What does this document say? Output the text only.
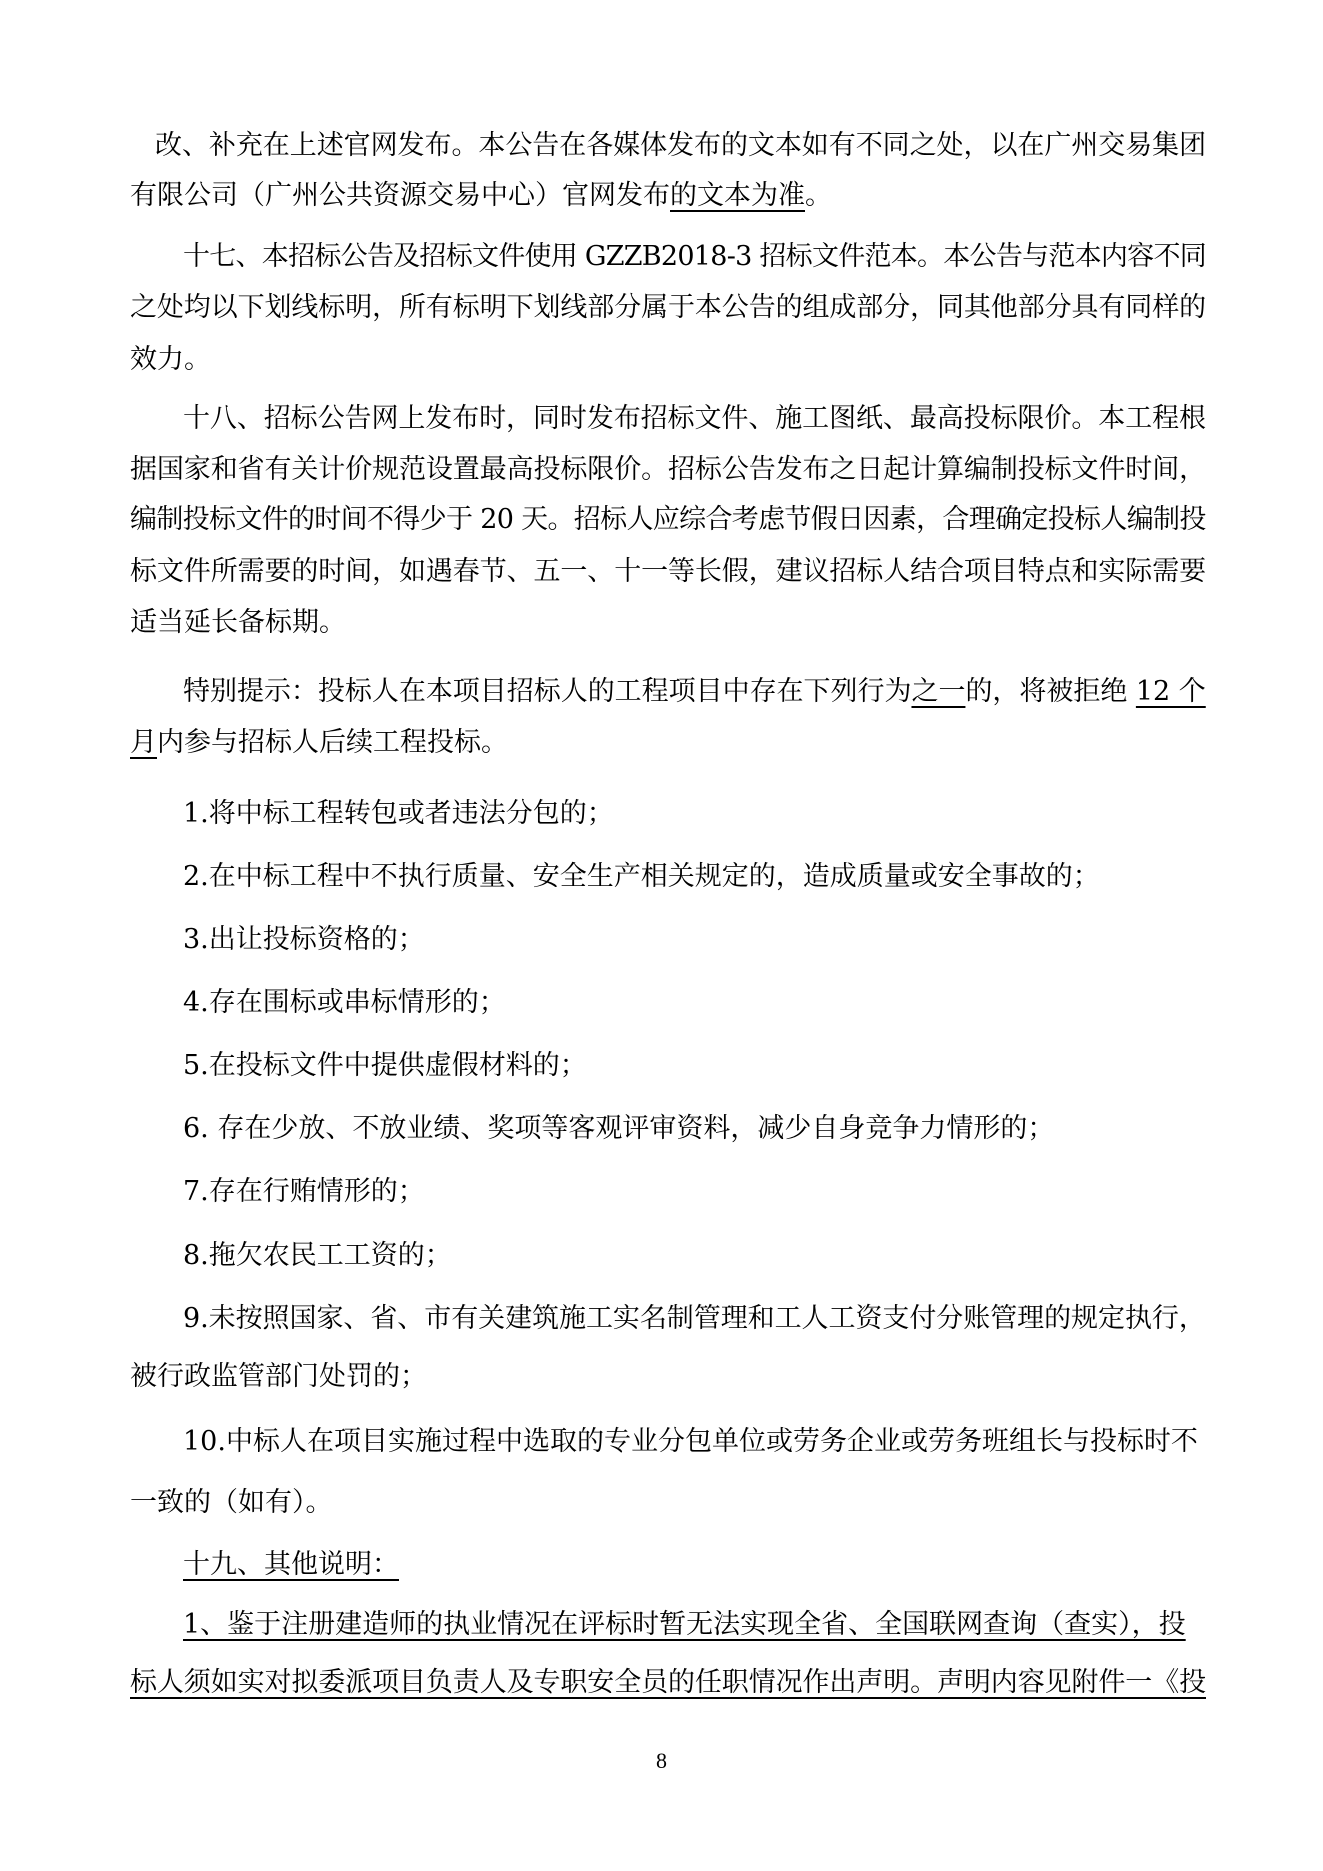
改、补充在上述官网发布。本公告在各媒体发布的文本如有不同之处，以在广州交易集团
有限公司（广州公共资源交易中心）官网发布的文本为准。
十七、本招标公告及招标文件使用 GZZB2018-3 招标文件范本。本公告与范本内容不同
之处均以下划线标明，所有标明下划线部分属于本公告的组成部分，同其他部分具有同样的
效力。
十八、招标公告网上发布时，同时发布招标文件、施工图纸、最高投标限价。本工程根
据国家和省有关计价规范设置最高投标限价。招标公告发布之日起计算编制投标文件时间，
编制投标文件的时间不得少于 20 天。招标人应综合考虑节假日因素，合理确定投标人编制投
标文件所需要的时间，如遇春节、五一、十一等长假，建议招标人结合项目特点和实际需要
适当延长备标期。
特别提示：投标人在本项目招标人的工程项目中存在下列行为之一的，将被拒绝 12 个
月内参与招标人后续工程投标。
1.将中标工程转包或者违法分包的；
2.在中标工程中不执行质量、安全生产相关规定的，造成质量或安全事故的；
3.出让投标资格的；
4.存在围标或串标情形的；
5.在投标文件中提供虚假材料的；
6. 存在少放、不放业绩、奖项等客观评审资料，减少自身竞争力情形的；
7.存在行贿情形的；
8.拖欠农民工工资的；
9.未按照国家、省、市有关建筑施工实名制管理和工人工资支付分账管理的规定执行，
被行政监管部门处罚的；
10.中标人在项目实施过程中选取的专业分包单位或劳务企业或劳务班组长与投标时不
一致的（如有）。
十九、其他说明：
1、鉴于注册建造师的执业情况在评标时暂无法实现全省、全国联网查询（查实），投
标人须如实对拟委派项目负责人及专职安全员的任职情况作出声明。声明内容见附件一《投
8
